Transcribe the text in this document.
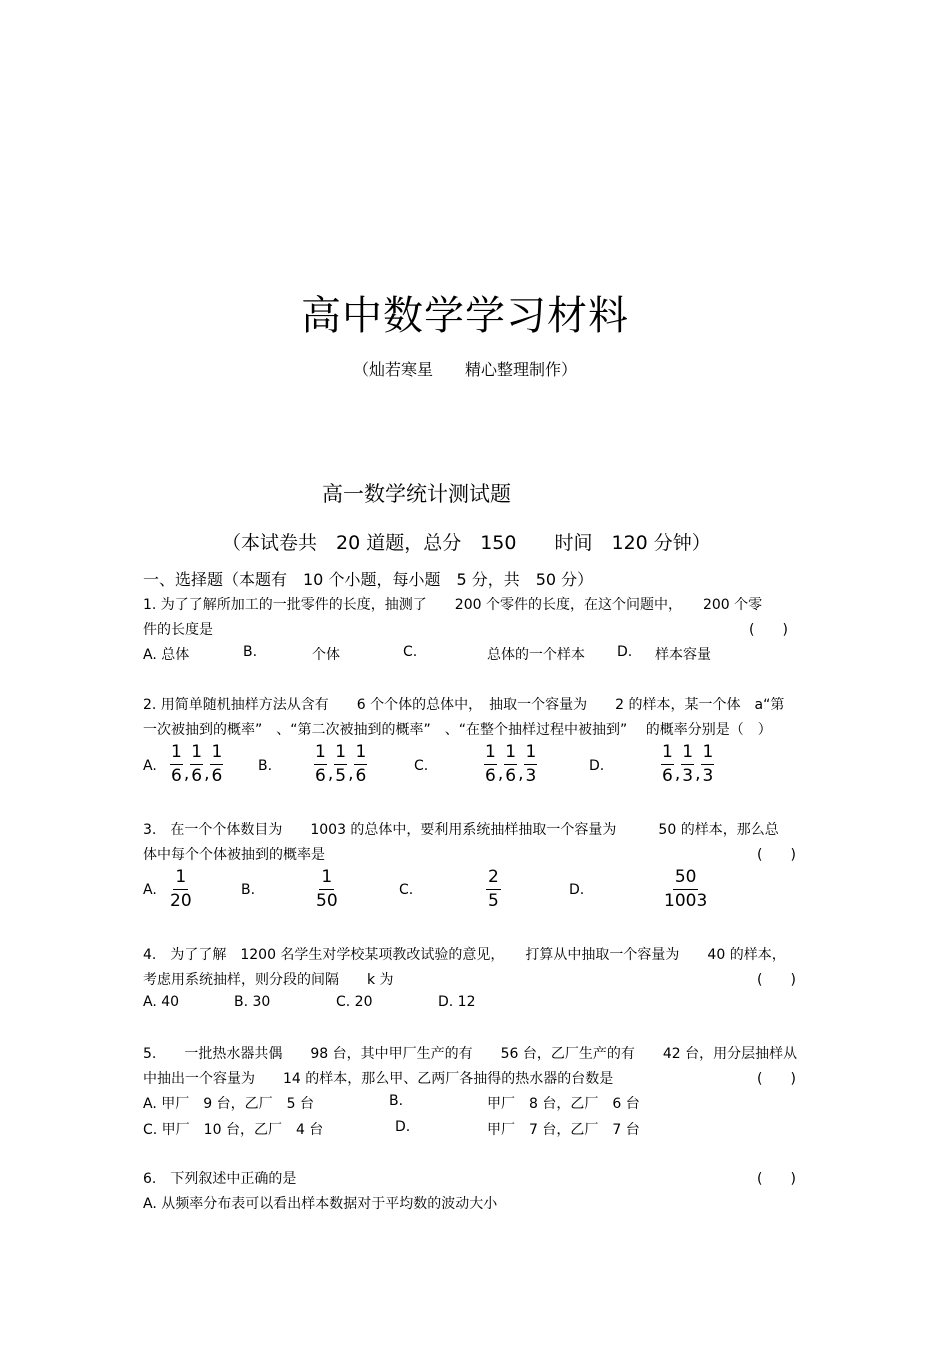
高中数学学习材料
（灿若寒星　　精心整理制作）
高一数学统计测试题
（本试卷共　20 道题，总分　150　　时间　120 分钟）
一、选择题（本题有　10 个小题，每小题　5 分，共　50 分）
1. 为了了解所加工的一批零件的长度，抽测了　　200 个零件的长度，在这个问题中，　　200 个零
件的长度是	(　　)
A. 总体	B.	个体	C.	总体的一个样本 D. 样本容量
2. 用简单随机抽样方法从含有　　6 个个体的总体中，　抽取一个容量为　　2 的样本，某一个体　a“第
一次被抽到的概率”　、“第二次被抽到的概率”　、“在整个抽样过程中被抽到”　 的概率分别是（　）
A.	B.	C.	D.
$\frac{1}{6}$ , $\frac{1}{6}$ , $\frac{1}{6}$	$\frac{1}{6}$ , $\frac{1}{5}$ , $\frac{1}{6}$	$\frac{1}{6}$ , $\frac{1}{6}$ , $\frac{1}{3}$	$\frac{1}{6}$ , $\frac{1}{3}$ , $\frac{1}{3}$
3.　在一个个体数目为　　1003 的总体中，要利用系统抽样抽取一个容量为　　　50 的样本，那么总
体中每个个体被抽到的概率是	(　　)
A.	B.	C.	D.
$\frac{1}{20}$	$\frac{1}{50}$	$\frac{2}{5}$	$\frac{50}{1003}$
4.　为了了解　1200 名学生对学校某项教改试验的意见，　　打算从中抽取一个容量为　　40 的样本，
考虑用系统抽样，则分段的间隔　　k 为	(　　)
A. 40	B. 30	C. 20	D. 12
5.　　一批热水器共偶　　98 台，其中甲厂生产的有　　56 台，乙厂生产的有　　42 台，用分层抽样从
中抽出一个容量为　　14 的样本，那么甲、乙两厂各抽得的热水器的台数是	(　　)
A. 甲厂　9 台，乙厂　5 台	B.	甲厂　8 台，乙厂　6 台
C. 甲厂　10 台，乙厂　4 台	D.	甲厂　7 台，乙厂　7 台
6.　下列叙述中正确的是	(　　)
A. 从频率分布表可以看出样本数据对于平均数的波动大小
